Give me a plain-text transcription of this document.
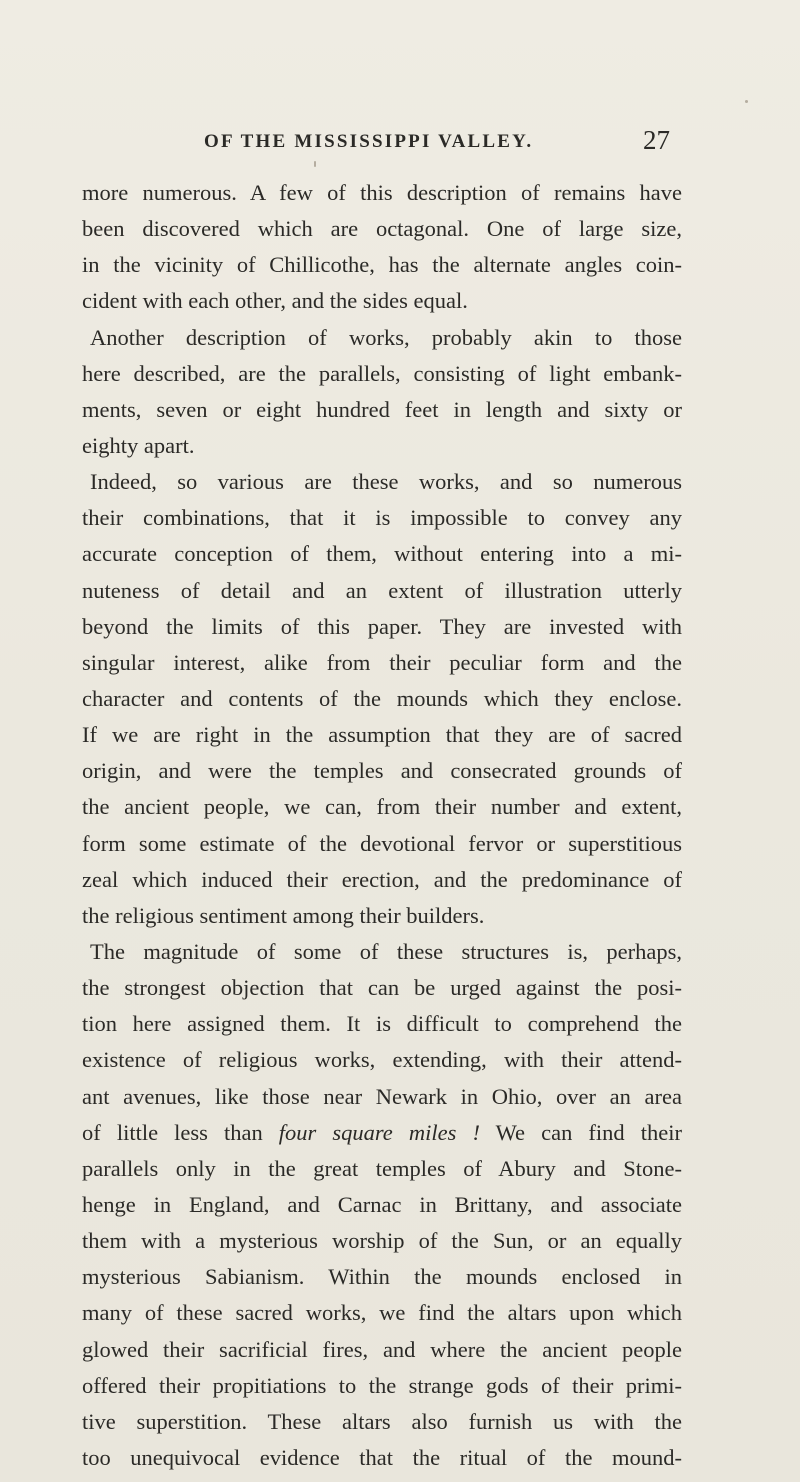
OF THE MISSISSIPPI VALLEY.	27
more numerous. A few of this description of remains have
been discovered which are octagonal. One of large size,
in the vicinity of Chillicothe, has the alternate angles coin-
cident with each other, and the sides equal.
Another description of works, probably akin to those
here described, are the parallels, consisting of light embank-
ments, seven or eight hundred feet in length and sixty or
eighty apart.
Indeed, so various are these works, and so numerous
their combinations, that it is impossible to convey any
accurate conception of them, without entering into a mi-
nuteness of detail and an extent of illustration utterly
beyond the limits of this paper. They are invested with
singular interest, alike from their peculiar form and the
character and contents of the mounds which they enclose.
If we are right in the assumption that they are of sacred
origin, and were the temples and consecrated grounds of
the ancient people, we can, from their number and extent,
form some estimate of the devotional fervor or superstitious
zeal which induced their erection, and the predominance of
the religious sentiment among their builders.
The magnitude of some of these structures is, perhaps,
the strongest objection that can be urged against the posi-
tion here assigned them. It is difficult to comprehend the
existence of religious works, extending, with their attend-
ant avenues, like those near Newark in Ohio, over an area
of little less than four square miles ! We can find their
parallels only in the great temples of Abury and Stone-
henge in England, and Carnac in Brittany, and associate
them with a mysterious worship of the Sun, or an equally
mysterious Sabianism. Within the mounds enclosed in
many of these sacred works, we find the altars upon which
glowed their sacrificial fires, and where the ancient people
offered their propitiations to the strange gods of their primi-
tive superstition. These altars also furnish us with the
too unequivocal evidence that the ritual of the mound-
